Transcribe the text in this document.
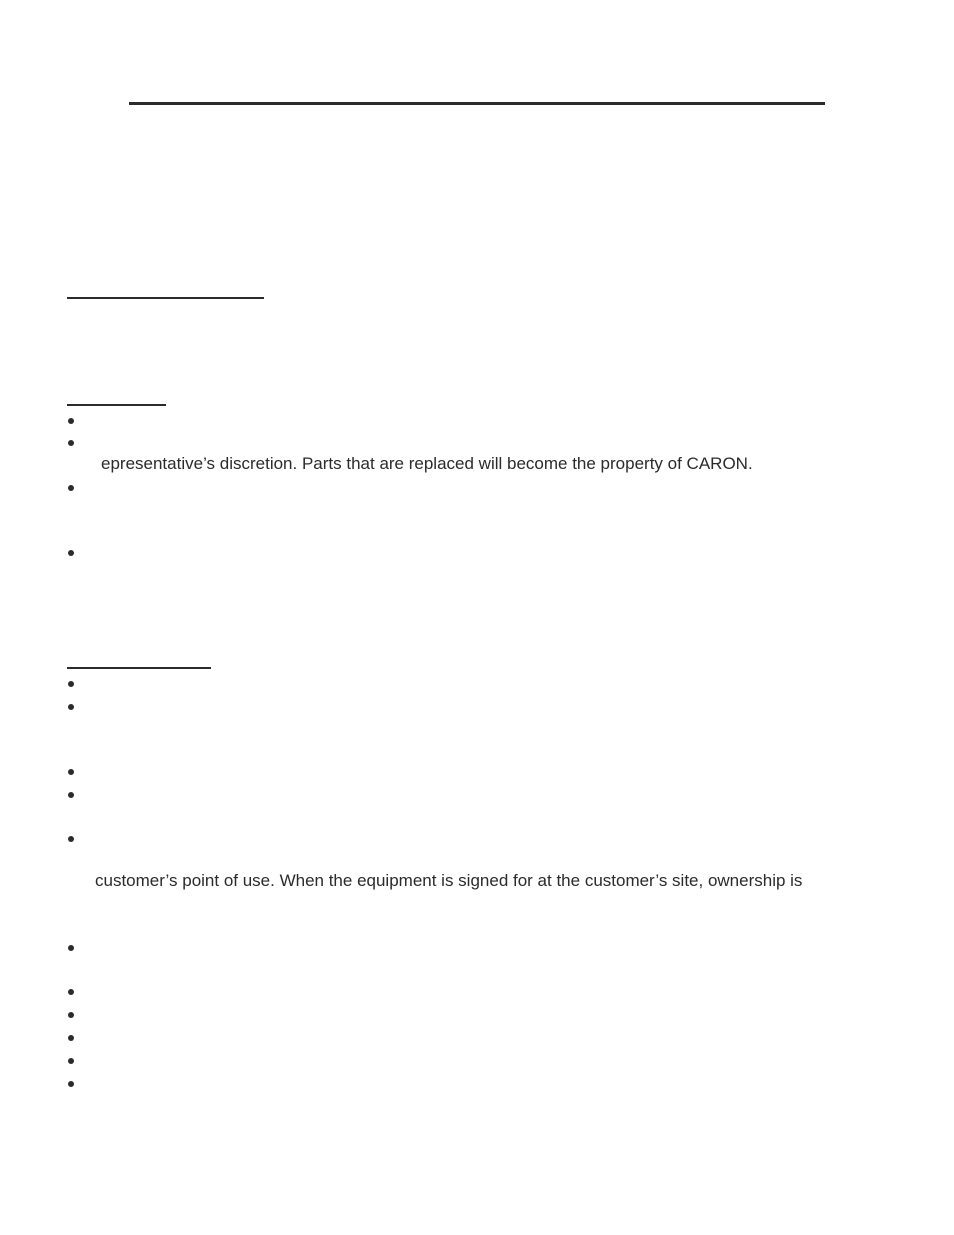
epresentative’s discretion. Parts that are replaced will become the property of CARON.
customer’s point of use. When the equipment is signed for at the customer’s site, ownership is
